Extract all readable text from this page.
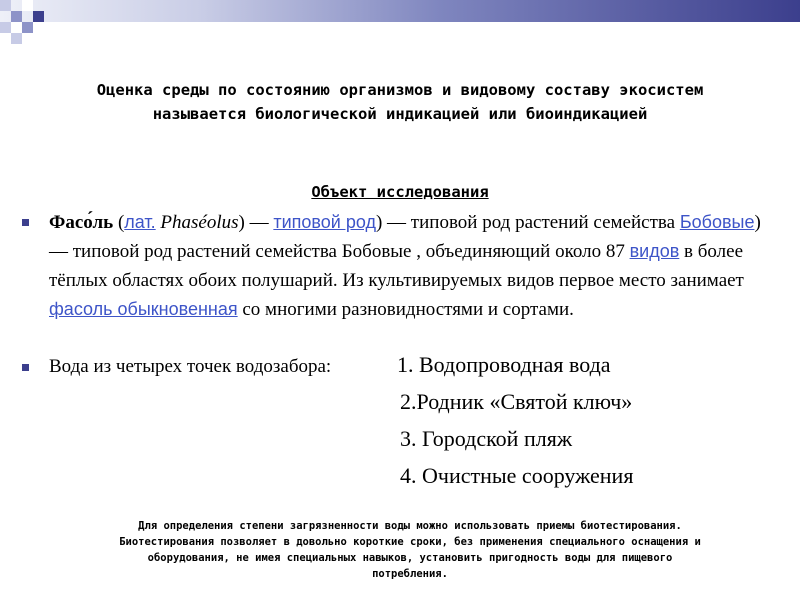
Оценка среды по состоянию организмов и видовому составу экосистем
называется биологической индикацией или биоиндикацией
Объект исследования
Фасо́ль (лат. Phaséolus) — типовой род) — типовой род растений семейства Бобовые) — типовой род растений семейства Бобовые , объединяющий около 87 видов в более тёплых областях обоих полушарий. Из культивируемых видов первое место занимает фасоль обыкновенная со многими разновидностями и сортами.
Вода из четырех точек водозабора:	1. Водопроводная вода
2.Родник «Святой ключ»
3. Городской пляж
4. Очистные сооружения
Для определения степени загрязненности воды можно использовать приемы биотестирования.
Биотестирования позволяет в довольно короткие сроки, без применения специального оснащения и
оборудования, не имея специальных навыков, установить пригодность воды для пищевого
потребления.
